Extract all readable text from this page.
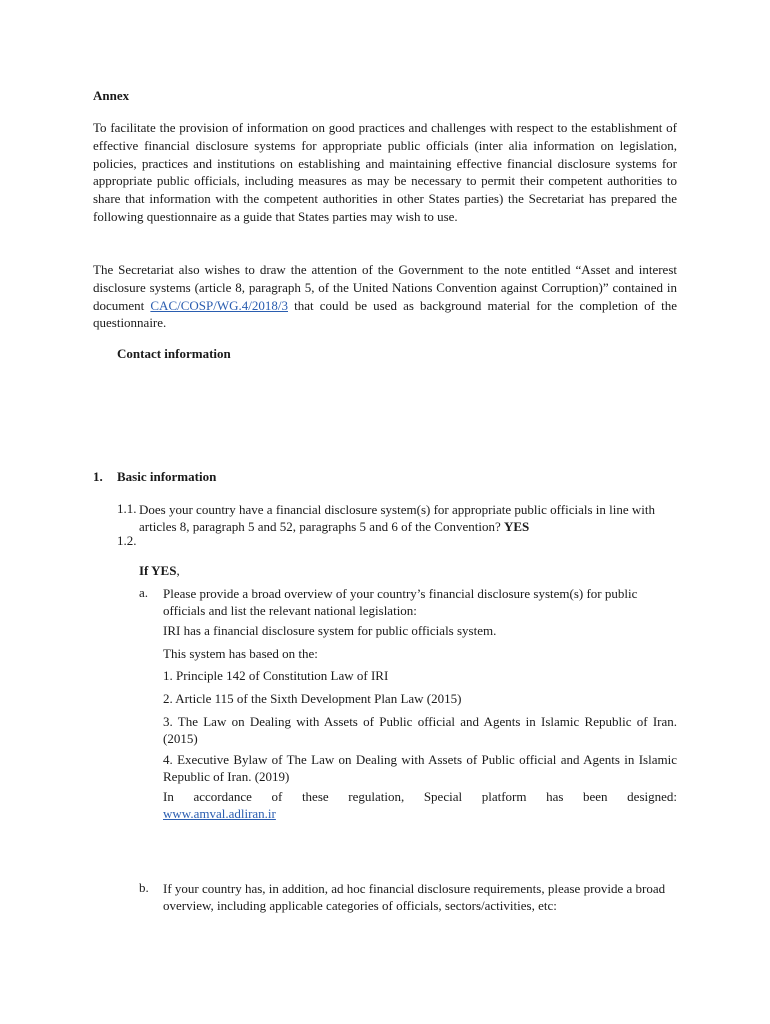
Annex

To facilitate the provision of information on good practices and challenges with respect to the establishment of effective financial disclosure systems for appropriate public officials (inter alia information on legislation, policies, practices and institutions on establishing and maintaining effective financial disclosure systems for appropriate public officials, including measures as may be necessary to permit their competent authorities to share that information with the competent authorities in other States parties) the Secretariat has prepared the following questionnaire as a guide that States parties may wish to use.

The Secretariat also wishes to draw the attention of the Government to the note entitled “Asset and interest disclosure systems (article 8, paragraph 5, of the United Nations Convention against Corruption)” contained in document CAC/COSP/WG.4/2018/3 that could be used as background material for the completion of the questionnaire.

Contact information
1. Basic information
1.1. Does your country have a financial disclosure system(s) for appropriate public officials in line with articles 8, paragraph 5 and 52, paragraphs 5 and 6 of the Convention? YES

1.2.
If YES,
a. Please provide a broad overview of your country’s financial disclosure system(s) for public officials and list the relevant national legislation:

IRI has a financial disclosure system for public officials system.

This system has based on the:

1. Principle 142 of Constitution Law of IRI

2. Article 115 of the Sixth Development Plan Law (2015)

3. The Law on Dealing with Assets of Public official and Agents in Islamic Republic of Iran. (2015)

4. Executive Bylaw of The Law on Dealing with Assets of Public official and Agents in Islamic Republic of Iran. (2019)

In accordance of these regulation, Special platform has been designed:

www.amval.adliran.ir
b. If your country has, in addition, ad hoc financial disclosure requirements, please provide a broad overview, including applicable categories of officials, sectors/activities, etc:
